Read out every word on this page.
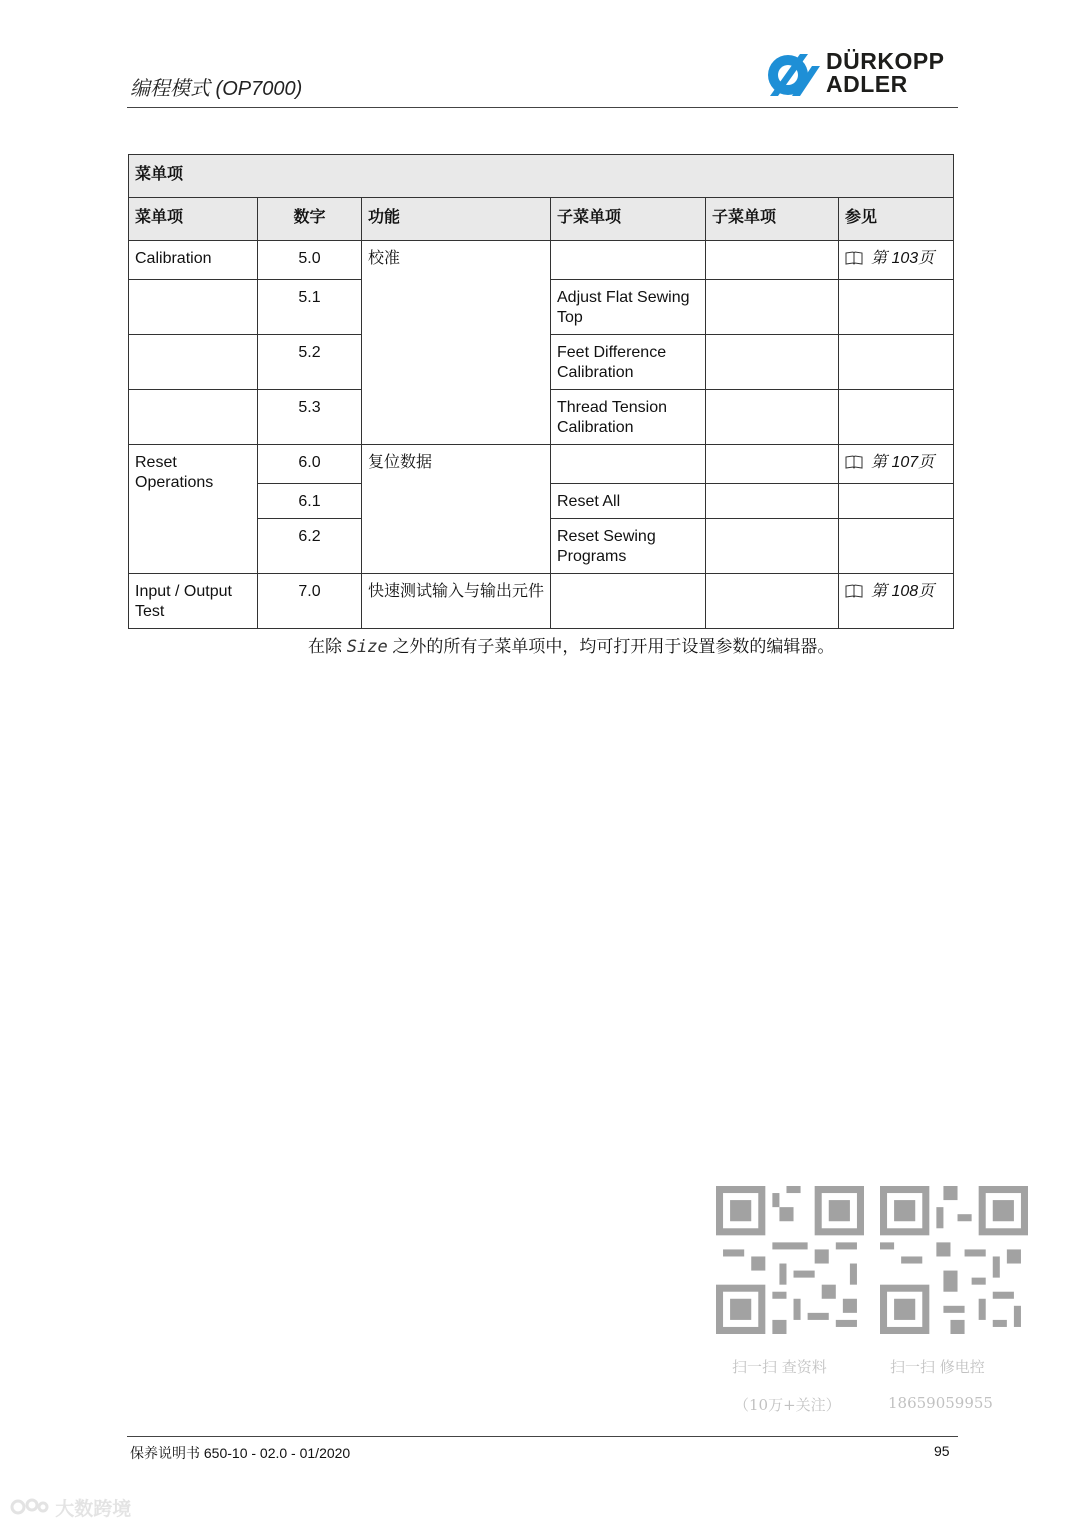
编程模式 (OP7000)
DÜRKOPP
ADLER
菜单项					
菜单项	数字	功能	子菜单项	子菜单项	参见
Calibration	5.0	校准			第 103页
	5.1		Adjust Flat Sewing Top		
	5.2		Feet Difference Calibration		
	5.3		Thread Tension Calibration		
Reset Operations	6.0	复位数据			第 107页
	6.1		Reset All		
	6.2		Reset Sewing Programs		
Input / Output Test	7.0	快速测试输入与输出元件			第 108页
在除 Size 之外的所有子菜单项中，均可打开用于设置参数的编辑器。
扫一扫 查资料
（10万+关注）
扫一扫 修电控
18659059955
保养说明书 650-10 - 02.0 - 01/2020	95
大数跨境
